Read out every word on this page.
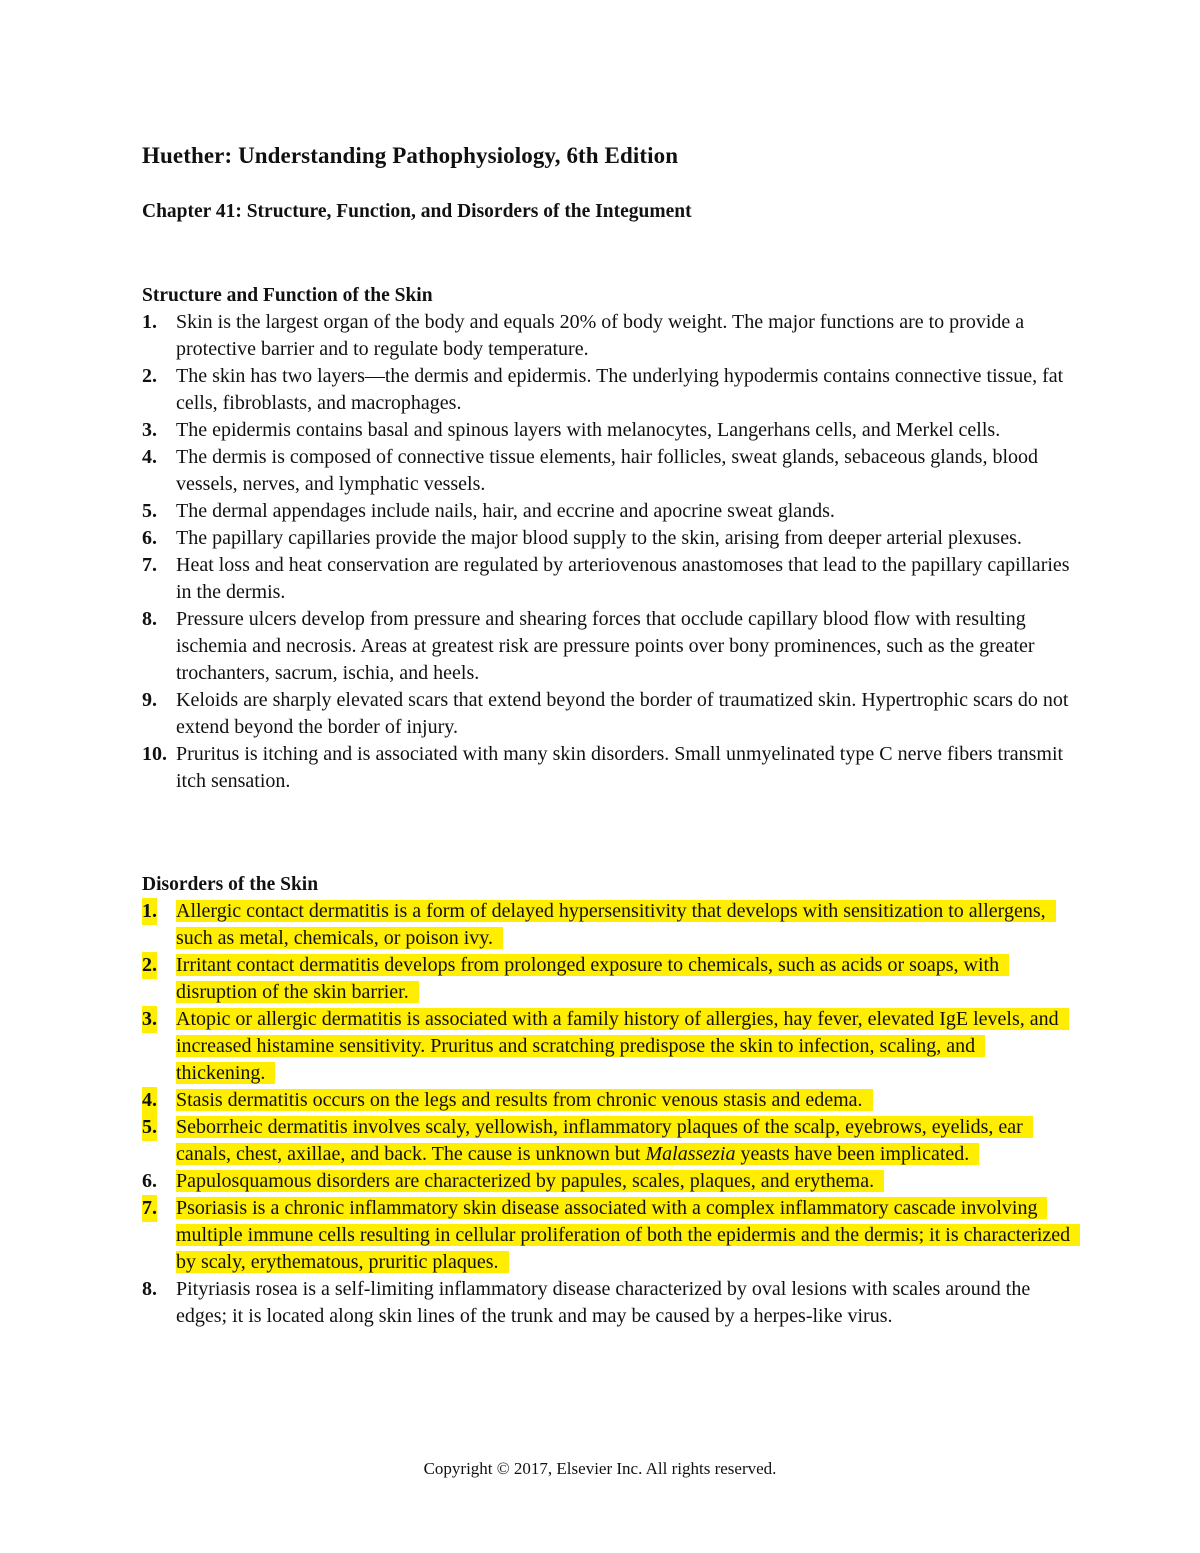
Huether: Understanding Pathophysiology, 6th Edition
Chapter 41: Structure, Function, and Disorders of the Integument
Structure and Function of the Skin
1. Skin is the largest organ of the body and equals 20% of body weight. The major functions are to provide a protective barrier and to regulate body temperature.
2. The skin has two layers—the dermis and epidermis. The underlying hypodermis contains connective tissue, fat cells, fibroblasts, and macrophages.
3. The epidermis contains basal and spinous layers with melanocytes, Langerhans cells, and Merkel cells.
4. The dermis is composed of connective tissue elements, hair follicles, sweat glands, sebaceous glands, blood vessels, nerves, and lymphatic vessels.
5. The dermal appendages include nails, hair, and eccrine and apocrine sweat glands.
6. The papillary capillaries provide the major blood supply to the skin, arising from deeper arterial plexuses.
7. Heat loss and heat conservation are regulated by arteriovenous anastomoses that lead to the papillary capillaries in the dermis.
8. Pressure ulcers develop from pressure and shearing forces that occlude capillary blood flow with resulting ischemia and necrosis. Areas at greatest risk are pressure points over bony prominences, such as the greater trochanters, sacrum, ischia, and heels.
9. Keloids are sharply elevated scars that extend beyond the border of traumatized skin. Hypertrophic scars do not extend beyond the border of injury.
10. Pruritus is itching and is associated with many skin disorders. Small unmyelinated type C nerve fibers transmit itch sensation.
Disorders of the Skin
1. Allergic contact dermatitis is a form of delayed hypersensitivity that develops with sensitization to allergens, such as metal, chemicals, or poison ivy.
2. Irritant contact dermatitis develops from prolonged exposure to chemicals, such as acids or soaps, with disruption of the skin barrier.
3. Atopic or allergic dermatitis is associated with a family history of allergies, hay fever, elevated IgE levels, and increased histamine sensitivity. Pruritus and scratching predispose the skin to infection, scaling, and thickening.
4. Stasis dermatitis occurs on the legs and results from chronic venous stasis and edema.
5. Seborrheic dermatitis involves scaly, yellowish, inflammatory plaques of the scalp, eyebrows, eyelids, ear canals, chest, axillae, and back. The cause is unknown but Malassezia yeasts have been implicated.
6. Papulosquamous disorders are characterized by papules, scales, plaques, and erythema.
7. Psoriasis is a chronic inflammatory skin disease associated with a complex inflammatory cascade involving multiple immune cells resulting in cellular proliferation of both the epidermis and the dermis; it is characterized by scaly, erythematous, pruritic plaques.
8. Pityriasis rosea is a self-limiting inflammatory disease characterized by oval lesions with scales around the edges; it is located along skin lines of the trunk and may be caused by a herpes-like virus.
Copyright © 2017, Elsevier Inc. All rights reserved.
